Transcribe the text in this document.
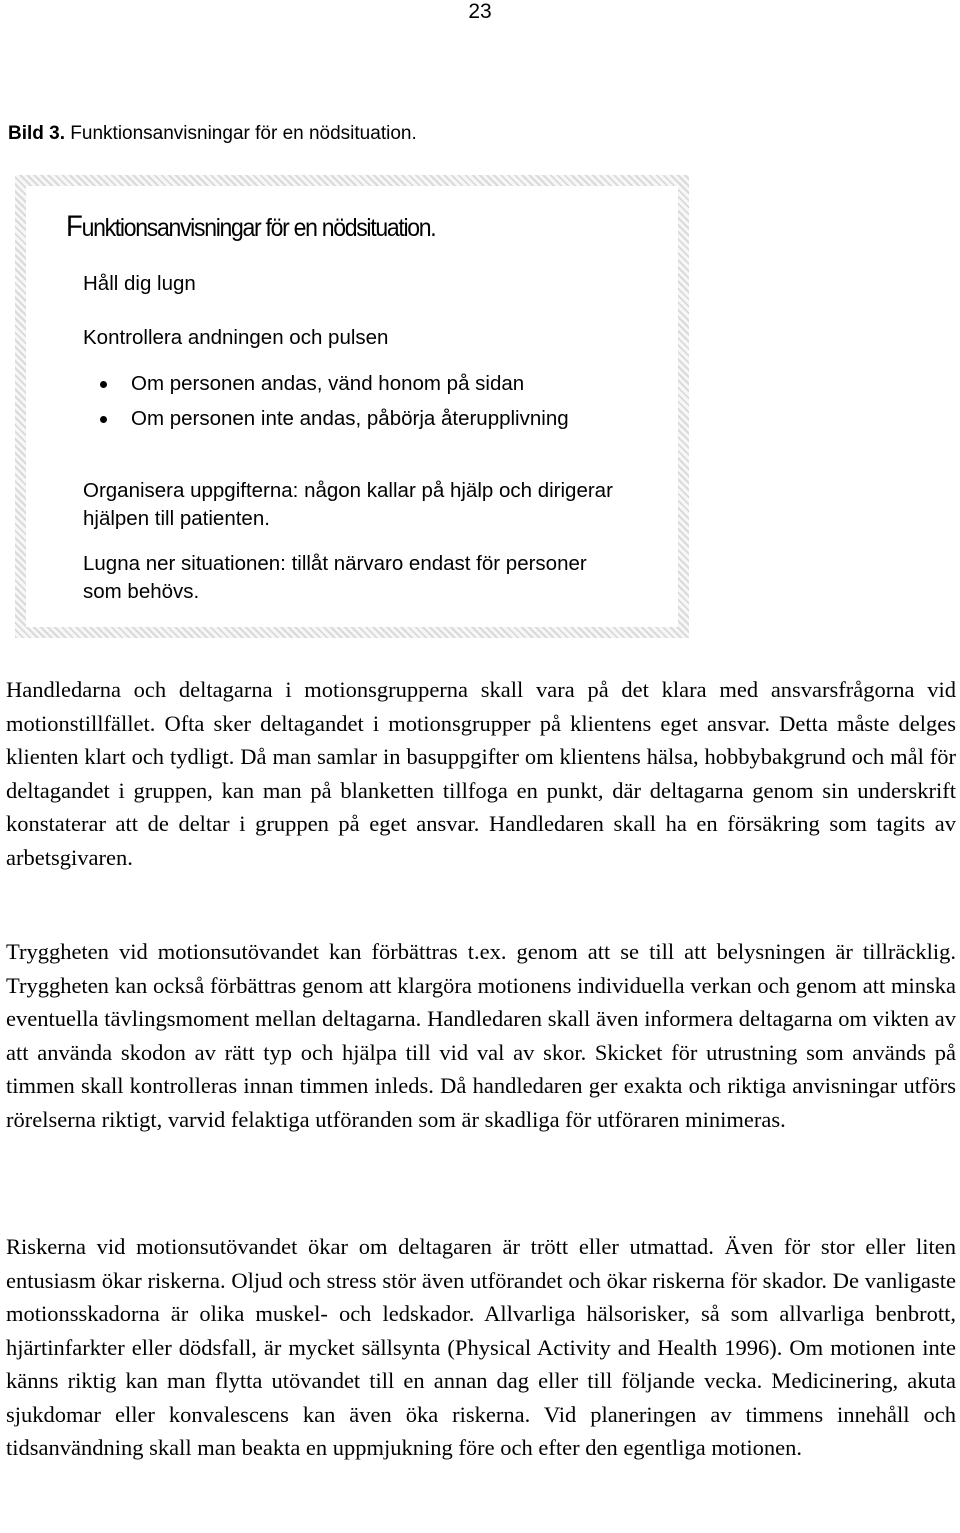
23
Bild 3. Funktionsanvisningar för en nödsituation.
Funktionsanvisningar för en nödsituation.

Håll dig lugn

Kontrollera andningen och pulsen

Om personen andas, vänd honom på sidan
Om personen inte andas, påbörja återupplivning

Organisera uppgifterna: någon kallar på hjälp och dirigerar hjälpen till patienten.

Lugna ner situationen: tillåt närvaro endast för personer som behövs.

Handledarna och deltagarna i motionsgrupperna skall vara på det klara med ansvarsfrågorna vid motionstillfället. Ofta sker deltagandet i motionsgrupper på klientens eget ansvar. Detta måste delges klienten klart och tydligt. Då man samlar in basuppgifter om klientens hälsa, hobbybakgrund och mål för deltagandet i gruppen, kan man på blanketten tillfoga en punkt, där deltagarna genom sin underskrift konstaterar att de deltar i gruppen på eget ansvar. Handledaren skall ha en försäkring som tagits av arbetsgivaren.

Tryggheten vid motionsutövandet kan förbättras t.ex. genom att se till att belysningen är tillräcklig. Tryggheten kan också förbättras genom att klargöra motionens individuella verkan och genom att minska eventuella tävlingsmoment mellan deltagarna. Handledaren skall även informera deltagarna om vikten av att använda skodon av rätt typ och hjälpa till vid val av skor. Skicket för utrustning som används på timmen skall kontrolleras innan timmen inleds. Då handledaren ger exakta och riktiga anvisningar utförs rörelserna riktigt, varvid felaktiga utföranden som är skadliga för utföraren minimeras.

Riskerna vid motionsutövandet ökar om deltagaren är trött eller utmattad. Även för stor eller liten entusiasm ökar riskerna. Oljud och stress stör även utförandet och ökar riskerna för skador. De vanligaste motionsskadorna är olika muskel- och ledskador. Allvarliga hälsorisker, så som allvarliga benbrott, hjärtinfarkter eller dödsfall, är mycket sällsynta (Physical Activity and Health 1996). Om motionen inte känns riktig kan man flytta utövandet till en annan dag eller till följande vecka. Medicinering, akuta sjukdomar eller konvalescens kan även öka riskerna. Vid planeringen av timmens innehåll och tidsanvändning skall man beakta en uppmjukning före och efter den egentliga motionen.
